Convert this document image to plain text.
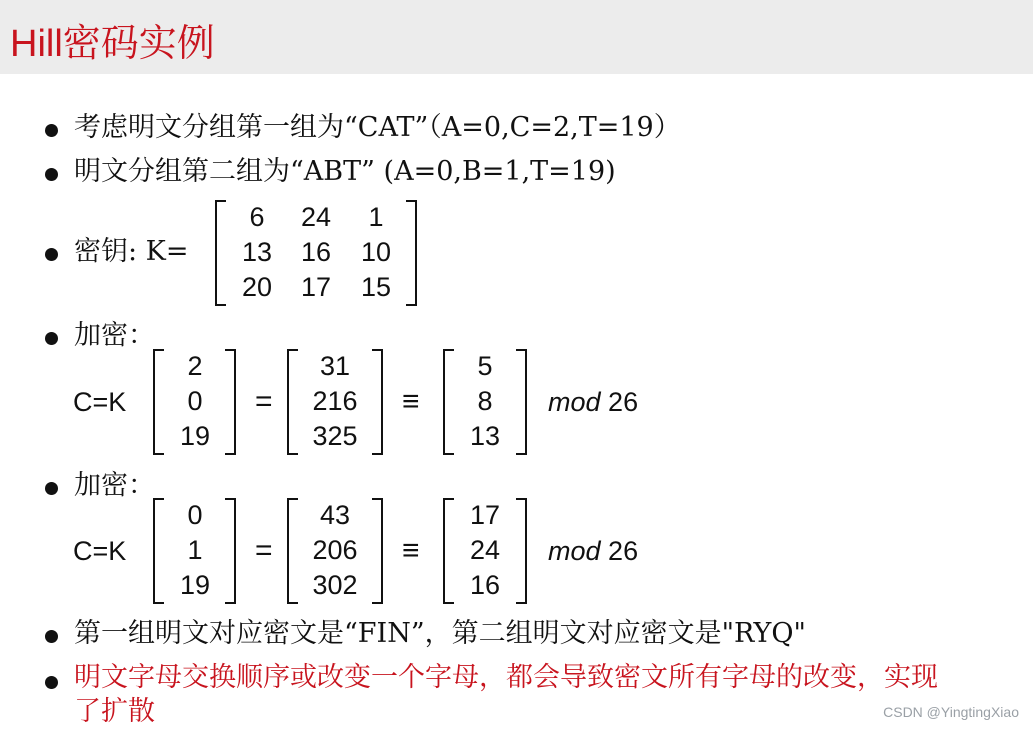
Hill密码实例
考虑明文分组第一组为“CAT”（A=0,C=2,T=19）
明文分组第二组为“ABT” (A=0,B=1,T=19)
密钥: K=
6	24	1
13	16	10
20	17	15
加密：
C=K
2
0
19
=
31
216
325
≡
5
8
13
mod 26
加密：
C=K
0
1
19
=
43
206
302
≡
17
24
16
mod 26
第一组明文对应密文是“FIN”，第二组明文对应密文是"RYQ"
明文字母交换顺序或改变一个字母，都会导致密文所有字母的改变，实现
了扩散	CSDN @YingtingXiao
